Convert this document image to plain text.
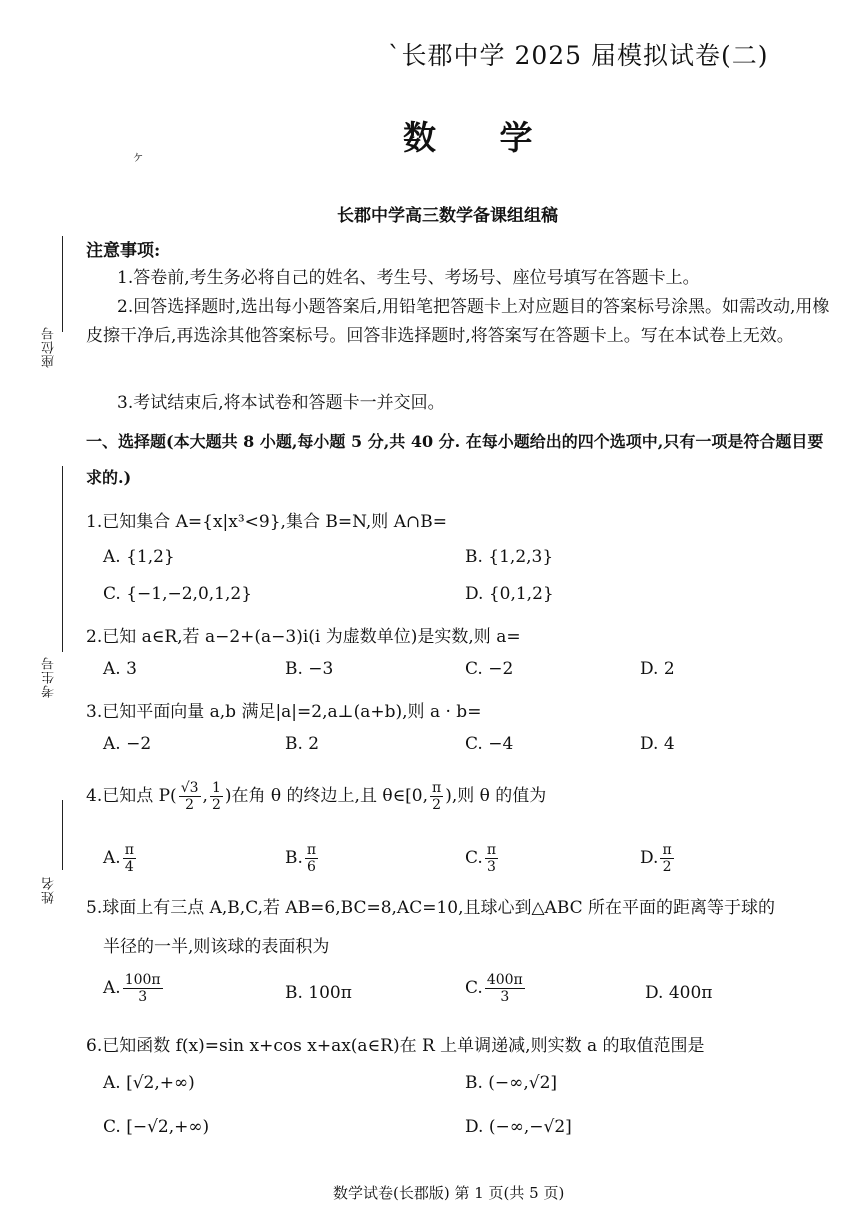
座位号
考生号
姓名
ˋ长郡中学 2025 届模拟试卷(二)
数 学
ヶ
长郡中学高三数学备课组组稿
注意事项:
1.答卷前,考生务必将自己的姓名、考生号、考场号、座位号填写在答题卡上。
2.回答选择题时,选出每小题答案后,用铅笔把答题卡上对应题目的答案标号涂黑。如需改动,用橡皮擦干净后,再选涂其他答案标号。回答非选择题时,将答案写在答题卡上。写在本试卷上无效。
3.考试结束后,将本试卷和答题卡一并交回。
一、选择题(本大题共 8 小题,每小题 5 分,共 40 分. 在每小题给出的四个选项中,只有一项是符合题目要求的.)
1.已知集合 A={x|x³<9},集合 B=N,则 A∩B=
A. {1,2}	B. {1,2,3}
C. {−1,−2,0,1,2}	D. {0,1,2}
2.已知 a∈R,若 a−2+(a−3)i(i 为虚数单位)是实数,则 a=
A. 3	B. −3	C. −2	D. 2
3.已知平面向量 a,b 满足|a|=2,a⊥(a+b),则 a · b=
A. −2	B. 2	C. −4	D. 4
4.已知点 $P( \frac{√3}{2}$ , $\frac{1}{2}$ )在角 θ 的终边上,且 θ∈[0, $\frac{\pi}{2}$ ),则 θ 的值为
A. $\frac{\pi}{4}$	B. $\frac{\pi}{6}$	C. $\frac{\pi}{3}$	D. $\frac{\pi}{2}$
5.球面上有三点 A,B,C,若 AB=6,BC=8,AC=10,且球心到△ABC 所在平面的距离等于球的
半径的一半,则该球的表面积为
A. $\frac{100\pi}{3}$	B. 100π	C. $\frac{400\pi}{3}$	D. 400π
6.已知函数 f(x)=sin x+cos x+ax(a∈R)在 R 上单调递减,则实数 a 的取值范围是
A. [√2,+∞)	B. (−∞,√2]
C. [−√2,+∞)	D. (−∞,−√2]
数学试卷(长郡版) 第 1 页(共 5 页)
